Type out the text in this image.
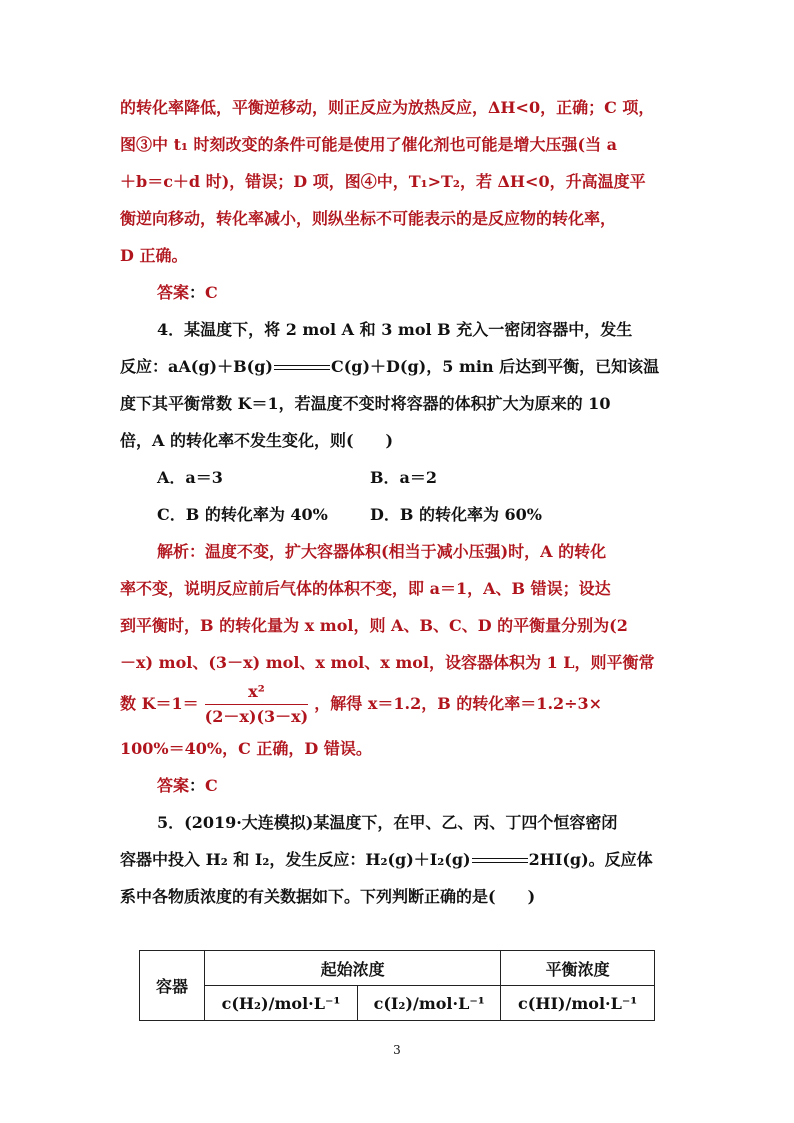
的转化率降低，平衡逆移动，则正反应为放热反应，ΔH<0，正确；C 项，
图③中 t₁ 时刻改变的条件可能是使用了催化剂也可能是增大压强(当 a
＋b＝c＋d 时)，错误；D 项，图④中，T₁>T₂，若 ΔH<0，升高温度平
衡逆向移动，转化率减小，则纵坐标不可能表示的是反应物的转化率，
D 正确。
答案：C
4．某温度下，将 2 mol A 和 3 mol B 充入一密闭容器中，发生
反应：aA(g)＋B(g)	C(g)＋D(g)，5 min 后达到平衡，已知该温
度下其平衡常数 K＝1，若温度不变时将容器的体积扩大为原来的 10
倍，A 的转化率不发生变化，则(　　)
A．a＝3	B．a＝2
C．B 的转化率为 40%	D．B 的转化率为 60%
解析：温度不变，扩大容器体积(相当于减小压强)时，A 的转化
率不变，说明反应前后气体的体积不变，即 a＝1，A、B 错误；设达
到平衡时，B 的转化量为 x mol，则 A、B、C、D 的平衡量分别为(2
－x) mol、(3－x) mol、x mol、x mol，设容器体积为 1 L，则平衡常
数 $K=1= \frac{\text{x²}}{(2-x)(3-x)}$ ，解得 x＝1.2，B 的转化率＝1.2÷3×
100%＝40%，C 正确，D 错误。
答案：C
5．(2019·大连模拟)某温度下，在甲、乙、丙、丁四个恒容密闭
容器中投入 H₂ 和 I₂，发生反应：H₂(g)＋I₂(g)	2HI(g)。反应体
系中各物质浓度的有关数据如下。下列判断正确的是(　　)
容器	起始浓度		平衡浓度
	c(H₂)/mol·L⁻¹	c(I₂)/mol·L⁻¹	c(HI)/mol·L⁻¹
3
